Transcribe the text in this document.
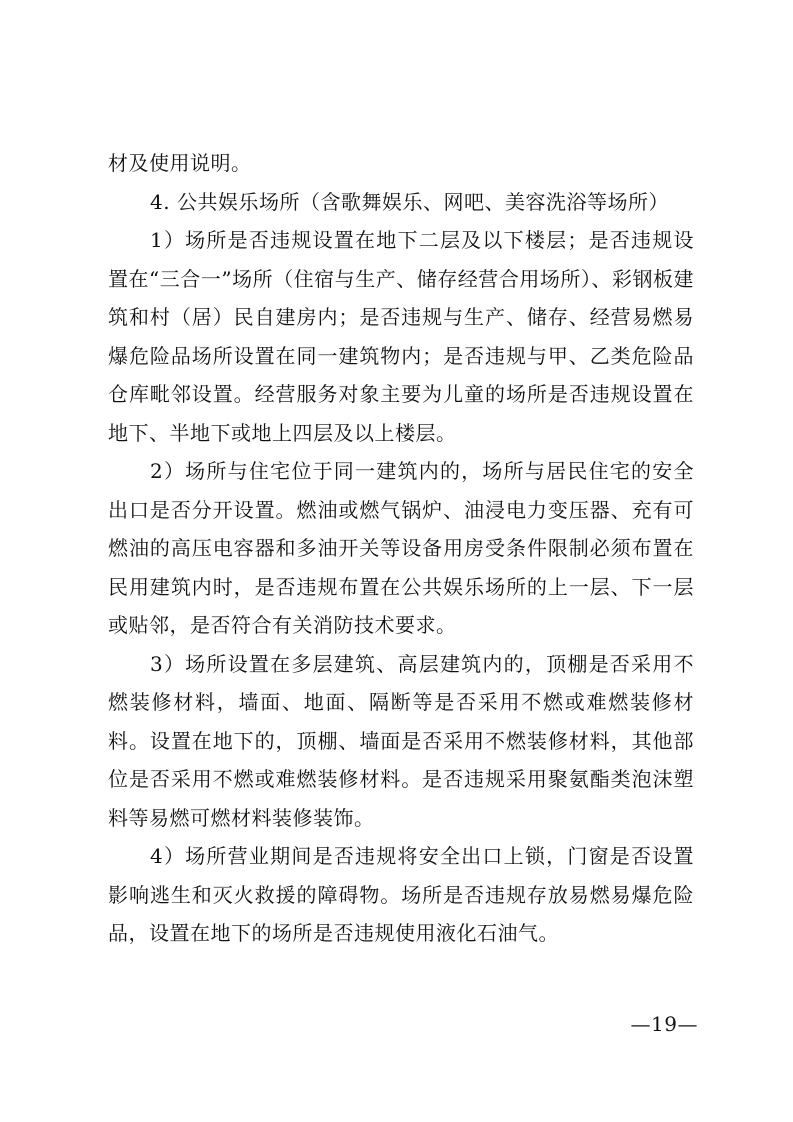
材及使用说明。

4. 公共娱乐场所（含歌舞娱乐、网吧、美容洗浴等场所）

1）场所是否违规设置在地下二层及以下楼层；是否违规设置在“三合一”场所（住宿与生产、储存经营合用场所）、彩钢板建筑和村（居）民自建房内；是否违规与生产、储存、经营易燃易爆危险品场所设置在同一建筑物内；是否违规与甲、乙类危险品仓库毗邻设置。经营服务对象主要为儿童的场所是否违规设置在地下、半地下或地上四层及以上楼层。

2）场所与住宅位于同一建筑内的，场所与居民住宅的安全出口是否分开设置。燃油或燃气锅炉、油浸电力变压器、充有可燃油的高压电容器和多油开关等设备用房受条件限制必须布置在民用建筑内时，是否违规布置在公共娱乐场所的上一层、下一层或贴邻，是否符合有关消防技术要求。

3）场所设置在多层建筑、高层建筑内的，顶棚是否采用不燃装修材料，墙面、地面、隔断等是否采用不燃或难燃装修材料。设置在地下的，顶棚、墙面是否采用不燃装修材料，其他部位是否采用不燃或难燃装修材料。是否违规采用聚氨酯类泡沫塑料等易燃可燃材料装修装饰。

4）场所营业期间是否违规将安全出口上锁，门窗是否设置影响逃生和灭火救援的障碍物。场所是否违规存放易燃易爆危险品，设置在地下的场所是否违规使用液化石油气。

—19—
